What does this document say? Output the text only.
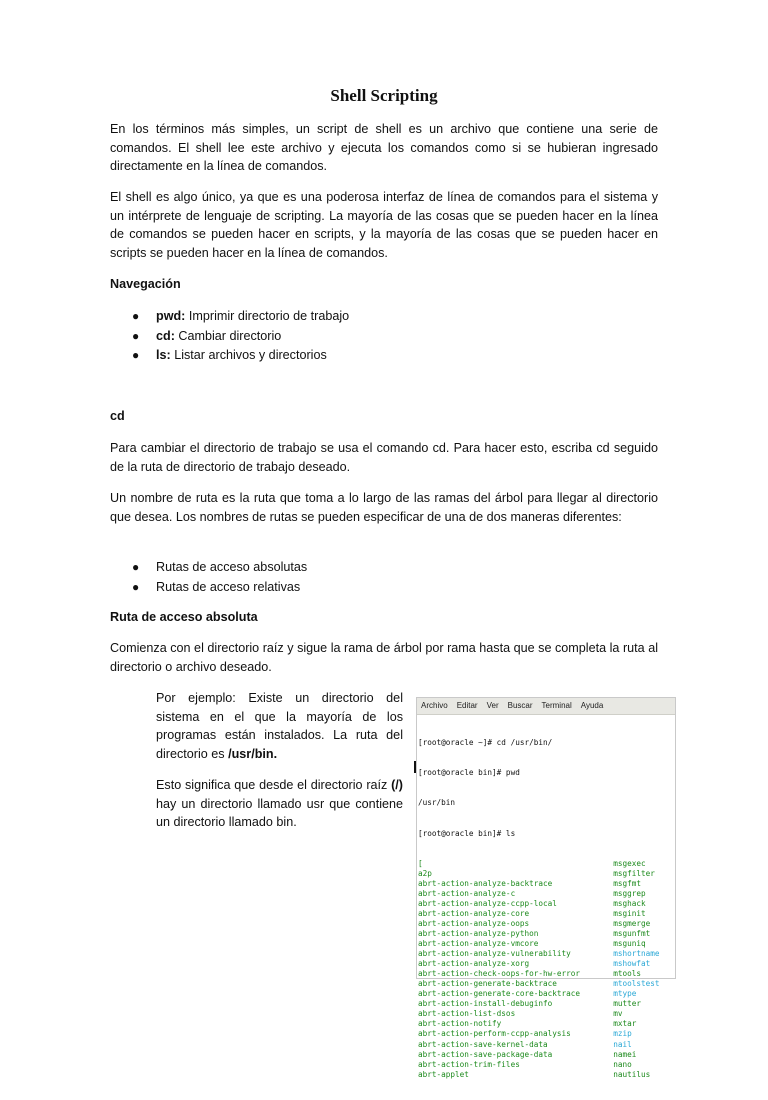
Shell Scripting

En los términos más simples, un script de shell es un archivo que contiene una serie de comandos. El shell lee este archivo y ejecuta los comandos como si se hubieran ingresado directamente en la línea de comandos.

El shell es algo único, ya que es una poderosa interfaz de línea de comandos para el sistema y un intérprete de lenguaje de scripting. La mayoría de las cosas que se pueden hacer en la línea de comandos se pueden hacer en scripts, y la mayoría de las cosas que se pueden hacer en scripts se pueden hacer en la línea de comandos.

Navegación

● pwd: Imprimir directorio de trabajo
● cd: Cambiar directorio
● ls: Listar archivos y directorios

cd

Para cambiar el directorio de trabajo se usa el comando cd. Para hacer esto, escriba cd seguido de la ruta de directorio de trabajo deseado.

Un nombre de ruta es la ruta que toma a lo largo de las ramas del árbol para llegar al directorio que desea. Los nombres de rutas se pueden especificar de una de dos maneras diferentes:

● Rutas de acceso absolutas
● Rutas de acceso relativas

Ruta de acceso absoluta

Comienza con el directorio raíz y sigue la rama de árbol por rama hasta que se completa la ruta al directorio o archivo deseado.

Por ejemplo: Existe un directorio del sistema en el que la mayoría de los programas están instalados. La ruta del directorio es /usr/bin.

Esto significa que desde el directorio raíz (/) hay un directorio llamado usr que contiene un directorio llamado bin.

Archivo Editar Ver Buscar Terminal Ayuda

[root@oracle ~]# cd /usr/bin/

[root@oracle bin]# pwd

/usr/bin

[root@oracle bin]# ls

[
a2p
abrt-action-analyze-backtrace
abrt-action-analyze-c
abrt-action-analyze-ccpp-local
abrt-action-analyze-core
abrt-action-analyze-oops
abrt-action-analyze-python
abrt-action-analyze-vmcore
abrt-action-analyze-vulnerability
abrt-action-analyze-xorg
abrt-action-check-oops-for-hw-error
abrt-action-generate-backtrace
abrt-action-generate-core-backtrace
abrt-action-install-debuginfo
abrt-action-list-dsos
abrt-action-notify
abrt-action-perform-ccpp-analysis
abrt-action-save-kernel-data
abrt-action-save-package-data
abrt-action-trim-files
abrt-applet
msgexec
msgfilter
msgfmt
msggrep
msghack
msginit
msgmerge
msgunfmt
msguniq
mshortname
mshowfat
mtools
mtoolstest
mtype
mutter
mv
mxtar
mzip
nail
namei
nano
nautilus
